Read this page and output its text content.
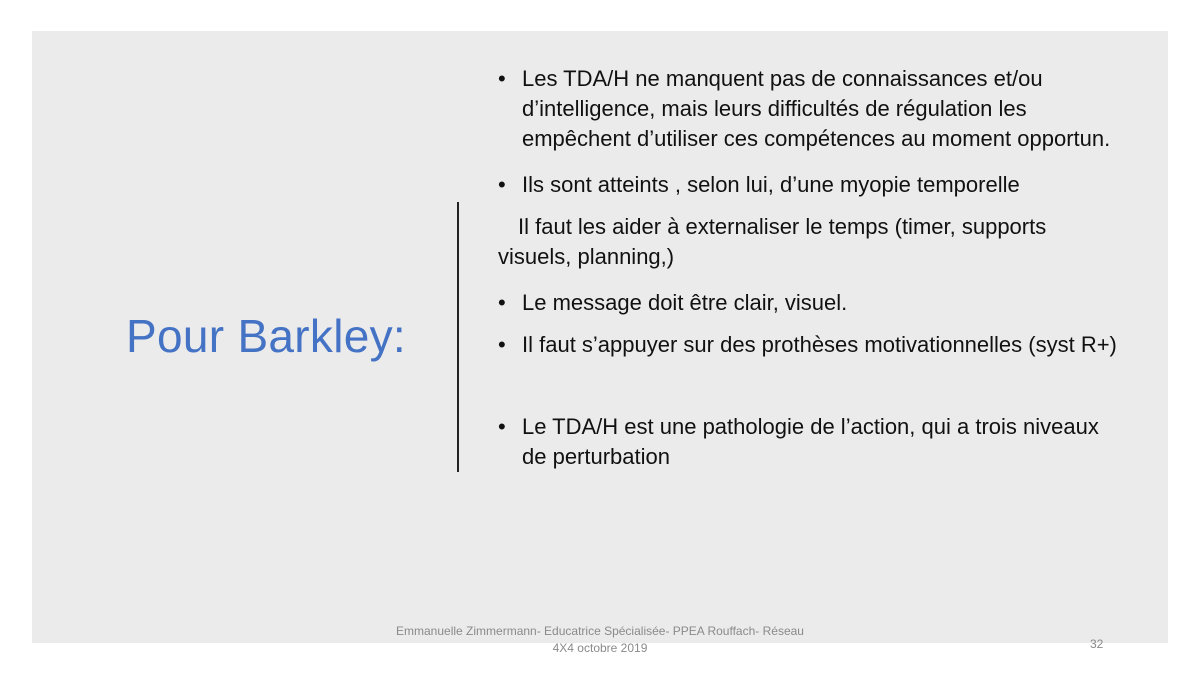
Pour Barkley:
• Les TDA/H ne manquent pas de connaissances et/ou d’intelligence, mais leurs difficultés de régulation les empêchent d’utiliser ces compétences au moment opportun.
• Ils sont atteints , selon lui, d’une myopie temporelle
Il faut les aider à externaliser le temps (timer, supports visuels, planning,)
• Le message doit être clair, visuel.
• Il faut s’appuyer sur des prothèses motivationnelles (syst R+)
• Le TDA/H est une pathologie de l’action, qui a trois niveaux de perturbation
Emmanuelle Zimmermann- Educatrice Spécialisée- PPEA Rouffach- Réseau
4X4 octobre 2019	32
